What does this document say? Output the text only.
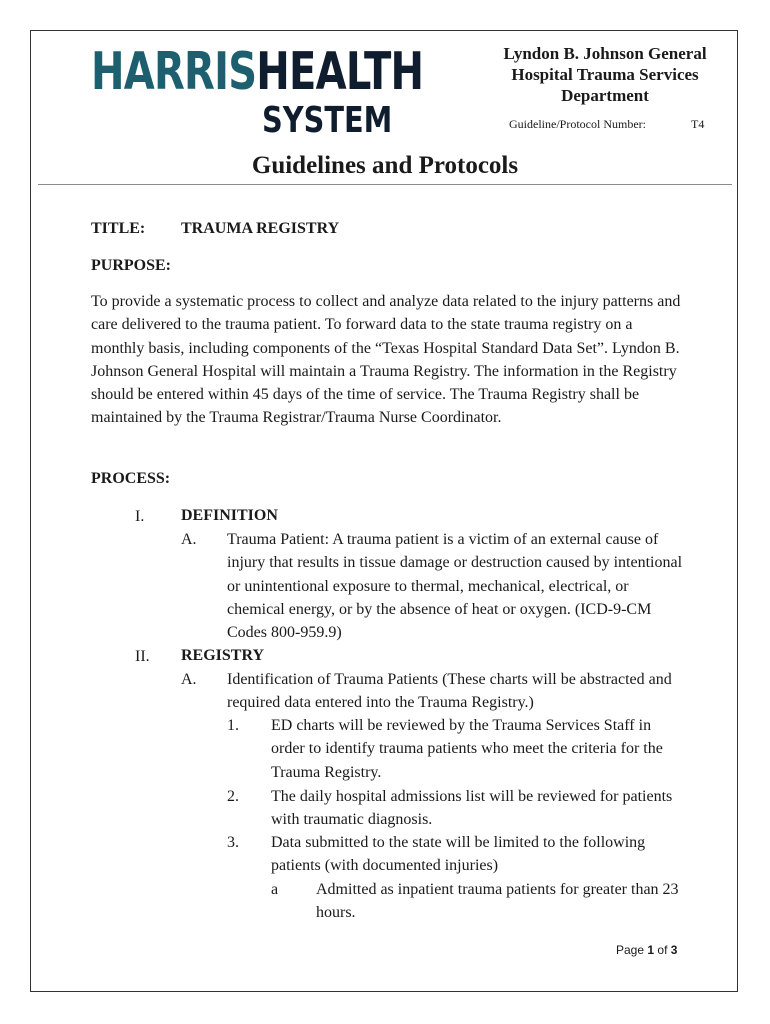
HARRISHEALTH
SYSTEM
Lyndon B. Johnson General Hospital Trauma Services Department
Guideline/Protocol Number:	T4
Guidelines and Protocols
TITLE: TRAUMA REGISTRY
PURPOSE:
To provide a systematic process to collect and analyze data related to the injury patterns and care delivered to the trauma patient. To forward data to the state trauma registry on a monthly basis, including components of the “Texas Hospital Standard Data Set”. Lyndon B. Johnson General Hospital will maintain a Trauma Registry. The information in the Registry should be entered within 45 days of the time of service. The Trauma Registry shall be maintained by the Trauma Registrar/Trauma Nurse Coordinator.
PROCESS:
I. DEFINITION
A. Trauma Patient: A trauma patient is a victim of an external cause of injury that results in tissue damage or destruction caused by intentional or unintentional exposure to thermal, mechanical, electrical, or chemical energy, or by the absence of heat or oxygen. (ICD-9-CM Codes 800-959.9)
II. REGISTRY
A. Identification of Trauma Patients (These charts will be abstracted and required data entered into the Trauma Registry.)
1. ED charts will be reviewed by the Trauma Services Staff in order to identify trauma patients who meet the criteria for the Trauma Registry.
2. The daily hospital admissions list will be reviewed for patients with traumatic diagnosis.
3. Data submitted to the state will be limited to the following patients (with documented injuries)
a Admitted as inpatient trauma patients for greater than 23 hours.
Page 1 of 3
